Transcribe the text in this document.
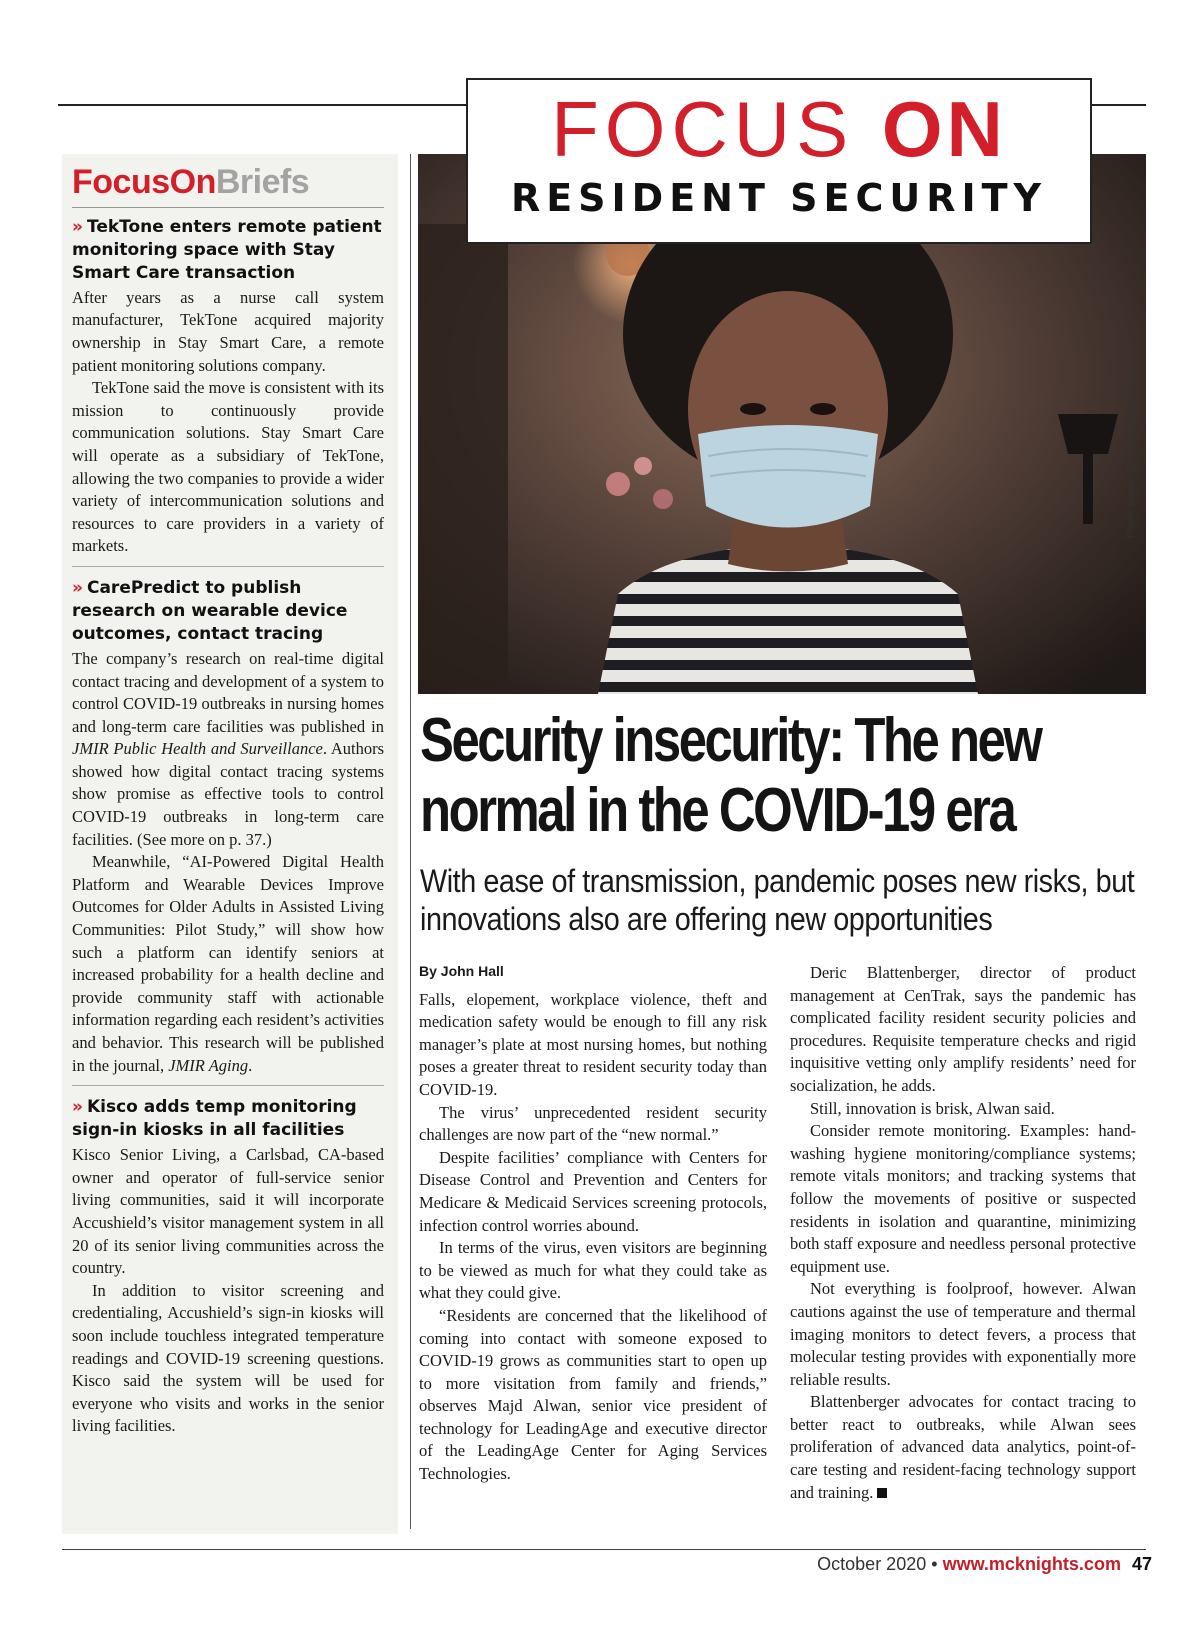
FocusOnBriefs
» TekTone enters remote patient monitoring space with Stay Smart Care transaction

After years as a nurse call system manufacturer, TekTone acquired majority ownership in Stay Smart Care, a remote patient monitoring solutions company.

TekTone said the move is consistent with its mission to continuously provide communication solutions. Stay Smart Care will operate as a subsidiary of TekTone, allowing the two companies to provide a wider variety of intercommunication solutions and resources to care providers in a variety of markets.

» CarePredict to publish research on wearable device outcomes, contact tracing

The company’s research on real-time digital contact tracing and development of a system to control COVID-19 outbreaks in nursing homes and long-term care facilities was published in JMIR Public Health and Surveillance. Authors showed how digital contact tracing systems show promise as effective tools to control COVID-19 outbreaks in long-term care facilities. (See more on p. 37.)

Meanwhile, “AI-Powered Digital Health Platform and Wearable Devices Improve Outcomes for Older Adults in Assisted Living Communities: Pilot Study,” will show how such a platform can identify seniors at increased probability for a health decline and provide community staff with actionable information regarding each resident’s activities and behavior. This research will be published in the journal, JMIR Aging.

» Kisco adds temp monitoring sign-in kiosks in all facilities

Kisco Senior Living, a Carlsbad, CA-based owner and operator of full-service senior living communities, said it will incorporate Accushield’s visitor management system in all 20 of its senior living communities across the country.

In addition to visitor screening and credentialing, Accushield’s sign-in kiosks will soon include touchless integrated temperature readings and COVID-19 screening questions. Kisco said the system will be used for everyone who visits and works in the senior living facilities.

Photo: alvarez/E+/Getty Images Plus
FOCUS ON
RESIDENT SECURITY
Security insecurity: The new normal in the COVID-19 era
With ease of transmission, pandemic poses new risks, but innovations also are offering new opportunities
By John Hall

Falls, elopement, workplace violence, theft and medication safety would be enough to fill any risk manager’s plate at most nursing homes, but nothing poses a greater threat to resident security today than COVID-19.

The virus’ unprecedented resident security challenges are now part of the “new normal.”

Despite facilities’ compliance with Centers for Disease Control and Prevention and Centers for Medicare & Medicaid Services screening protocols, infection control worries abound.

In terms of the virus, even visitors are beginning to be viewed as much for what they could take as what they could give.

“Residents are concerned that the likelihood of coming into contact with someone exposed to COVID-19 grows as communities start to open up to more visitation from family and friends,” observes Majd Alwan, senior vice president of technology for LeadingAge and executive director of the LeadingAge Center for Aging Services Technologies.

Deric Blattenberger, director of product management at CenTrak, says the pandemic has complicated facility resident security policies and procedures. Requisite temperature checks and rigid inquisitive vetting only amplify residents’ need for socialization, he adds.

Still, innovation is brisk, Alwan said.

Consider remote monitoring. Examples: hand-washing hygiene monitoring/compliance systems; remote vitals monitors; and tracking systems that follow the movements of positive or suspected residents in isolation and quarantine, minimizing both staff exposure and needless personal protective equipment use.

Not everything is foolproof, however. Alwan cautions against the use of temperature and thermal imaging monitors to detect fevers, a process that molecular testing provides with exponentially more reliable results.

Blattenberger advocates for contact tracing to better react to outbreaks, while Alwan sees proliferation of advanced data analytics, point-of-care testing and resident-facing technology support and training.

October 2020 • www.mcknights.com 47
